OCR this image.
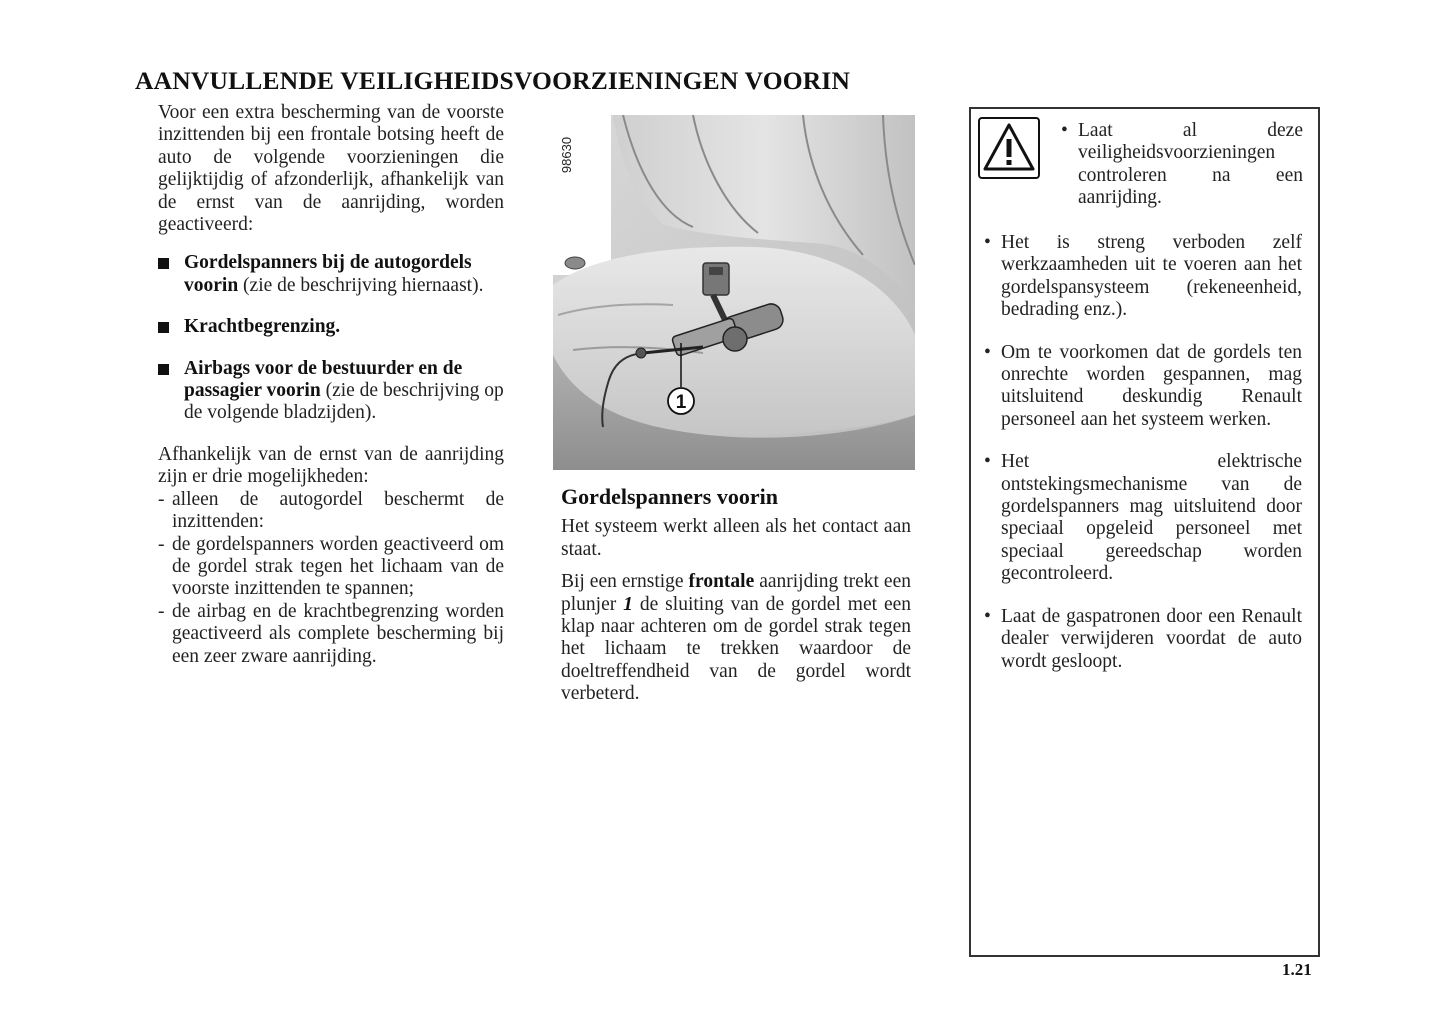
AANVULLENDE VEILIGHEIDSVOORZIENINGEN VOORIN

Voor een extra bescherming van de voorste inzittenden bij een frontale botsing heeft de auto de volgende voorzieningen die gelijktijdig of afzonderlijk, afhankelijk van de ernst van de aanrijding, worden geactiveerd:

Gordelspanners bij de autogordels voorin (zie de beschrijving hiernaast).
Krachtbegrenzing.
Airbags voor de bestuurder en de passagier voorin (zie de beschrijving op de volgende bladzijden).

Afhankelijk van de ernst van de aanrijding zijn er drie mogelijkheden:

- alleen de autogordel beschermt de inzittenden:
- de gordelspanners worden geactiveerd om de gordel strak tegen het lichaam van de voorste inzittenden te spannen;
- de airbag en de krachtbegrenzing worden geactiveerd als complete bescherming bij een zeer zware aanrijding.
1
98630
Gordelspanners voorin

Het systeem werkt alleen als het contact aan staat.

Bij een ernstige frontale aanrijding trekt een plunjer 1 de sluiting van de gordel met een klap naar achteren om de gordel strak tegen het lichaam te trekken waardoor de doeltreffendheid van de gordel wordt verbeterd.

• Laat al deze veiligheidsvoorzieningen controleren na een aanrijding.
• Het is streng verboden zelf werkzaamheden uit te voeren aan het gordelspansysteem (rekeneenheid, bedrading enz.).
• Om te voorkomen dat de gordels ten onrechte worden gespannen, mag uitsluitend deskundig Renault personeel aan het systeem werken.
• Het elektrische ontstekingsmechanisme van de gordelspanners mag uitsluitend door speciaal opgeleid personeel met speciaal gereedschap worden gecontroleerd.
• Laat de gaspatronen door een Renault dealer verwijderen voordat de auto wordt gesloopt.
1.21
